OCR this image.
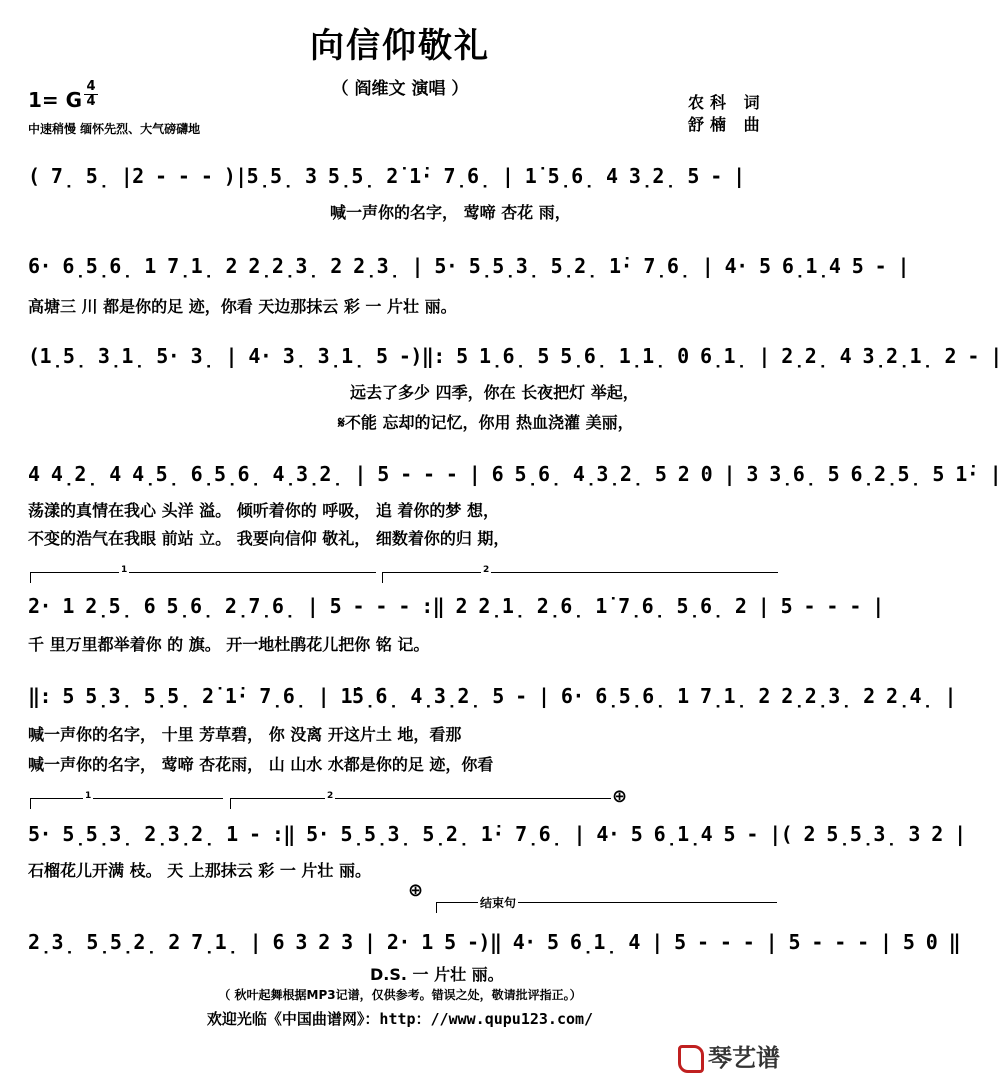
向信仰敬礼
（ 阎维文 演唱 ）
1= G
4
4
中速稍慢 缅怀先烈、大气磅礴地
农科 词
舒楠 曲
( 7̣ 5̣ |2 - - - )|5̣5̣ 3 5̣5̣ 2̇ 1̇· 7̣6̣ | 1̇ 5̣6̣ 4 3̣2̣ 5 - |
喊一声你的名字， 莺啼 杏花 雨，
6· 6̣5̣6̣ 1 7̣1̣ 2 2̣2̣3̣ 2 2̣3̣ | 5· 5̣5̣3̣ 5̣2̣ 1̇· 7̣6̣ | 4· 5 6̣1̣4 5 - |
高塘三 川 都是你的足 迹，你看 天边那抹云 彩 一 片壮 丽。
(1̣5̣ 3̣1̣ 5· 3̣ | 4· 3̣ 3̣1̣ 5 -)‖: 5 1̣6̣ 5 5̣6̣ 1̣1̣ 0 6̣1̣ | 2̣2̣ 4 3̣2̣1̣ 2 - |
远去了多少 四季，你在 长夜把灯 举起，
𝄋不能 忘却的记忆，你用 热血浇灌 美丽，
4 4̣2̣ 4 4̣5̣ 6̣5̣6̣ 4̣3̣2̣ | 5 - - - | 6 5̣6̣ 4̣3̣2̣ 5 2 0 | 3 3̣6̣ 5 6̣2̣5̣ 5 1̇· |
荡漾的真情在我心 头洋 溢。 倾听着你的 呼吸， 追 着你的梦 想，
不变的浩气在我眼 前站 立。 我要向信仰 敬礼， 细数着你的归 期，
1	2
2· 1 2̣5̣ 6 5̣6̣ 2̣7̣6̣ | 5 - - - :‖ 2 2̣1̣ 2̣6̣ 1̇ 7̣6̣ 5̣6̣ 2 | 5 - - - |
千 里万里都举着你 的 旗。 开一地杜鹃花儿把你 铭 记。
‖: 5 5̣3̣ 5̣5̣ 2̇ 1̇· 7̣6̣ | 1̇5̣6̣ 4̣3̣2̣ 5 - | 6· 6̣5̣6̣ 1 7̣1̣ 2 2̣2̣3̣ 2 2̣4̣ |
喊一声你的名字， 十里 芳草碧， 你 没离 开这片土 地，看那
喊一声你的名字， 莺啼 杏花雨， 山 山水 水都是你的足 迹，你看
1	2	⊕
5· 5̣5̣3̣ 2̣3̣2̣ 1 - :‖ 5· 5̣5̣3̣ 5̣2̣ 1̇· 7̣6̣ | 4· 5 6̣1̣4 5 - |( 2 5̣5̣3̣ 3 2 |
石榴花儿开满 枝。 天 上那抹云 彩 一 片壮 丽。
⊕
结束句
2̣3̣ 5̣5̣2̣ 2 7̣1̣ | 6 3 2 3 | 2· 1 5 -)‖ 4· 5 6̣1̣ 4 | 5 - - - | 5 - - - | 5 0 ‖
D.S. 一 片壮 丽。
（ 秋叶起舞根据MP3记谱，仅供参考。错误之处，敬请批评指正。）
欢迎光临《中国曲谱网》：http：//www.qupu123.com/
琴艺谱
